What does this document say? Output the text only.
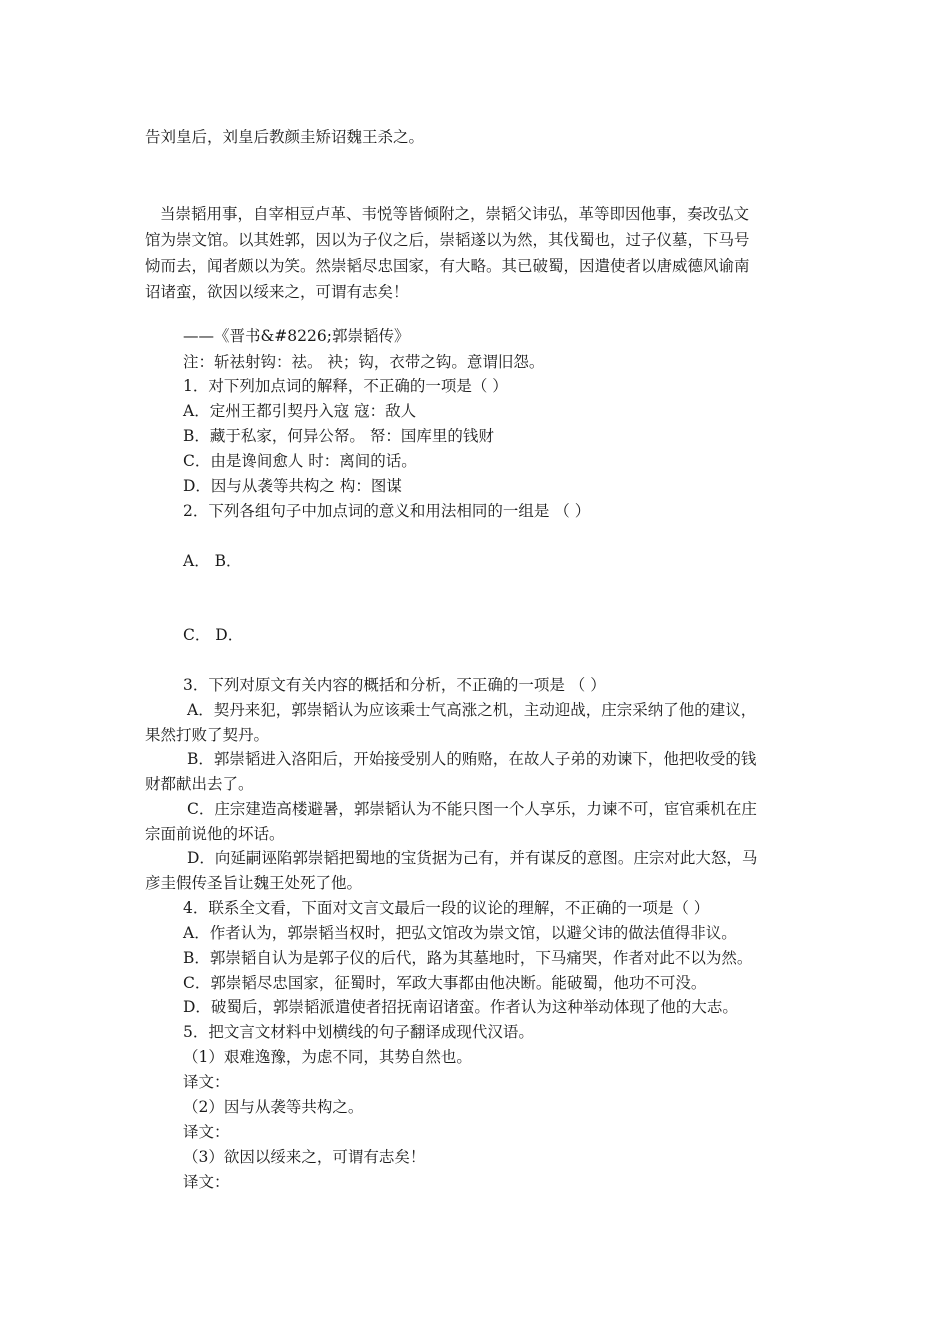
告刘皇后，刘皇后教颜圭矫诏魏王杀之。
当崇韬用事，自宰相豆卢革、韦悦等皆倾附之，崇韬父讳弘，革等即因他事，奏改弘文
馆为崇文馆。以其姓郭，因以为子仪之后，崇韬遂以为然，其伐蜀也，过子仪墓，下马号
恸而去，闻者颇以为笑。然崇韬尽忠国家，有大略。其已破蜀，因遣使者以唐威德风谕南
诏诸蛮，欲因以绥来之，可谓有志矣！
——《晋书&#8226;郭崇韬传》
注：斩祛射钩：祛。 袂；钩，衣带之钩。意谓旧怨。
1．对下列加点词的解释，不正确的一项是（ ）
A．定州王都引契丹入寇 寇：敌人
B．藏于私家，何异公帑。 帑：国库里的钱财
C．由是谗间愈人 时：离间的话。
D．因与从袭等共构之 构：图谋
2．下列各组句子中加点词的意义和用法相同的一组是 （ ）
A． B．
C． D．
3．下列对原文有关内容的概括和分析，不正确的一项是 （ ）
A．契丹来犯，郭崇韬认为应该乘士气高涨之机，主动迎战，庄宗采纳了他的建议，
果然打败了契丹。
B．郭崇韬进入洛阳后，开始接受别人的贿赂，在故人子弟的劝谏下，他把收受的钱
财都献出去了。
C．庄宗建造高楼避暑，郭崇韬认为不能只图一个人享乐，力谏不可，宦官乘机在庄
宗面前说他的坏话。
D．向延嗣诬陷郭崇韬把蜀地的宝货据为己有，并有谋反的意图。庄宗对此大怒，马
彦圭假传圣旨让魏王处死了他。
4．联系全文看，下面对文言文最后一段的议论的理解，不正确的一项是（ ）
A．作者认为，郭崇韬当权时，把弘文馆改为崇文馆，以避父讳的做法值得非议。
B．郭崇韬自认为是郭子仪的后代，路为其墓地时，下马痛哭，作者对此不以为然。
C．郭崇韬尽忠国家，征蜀时，军政大事都由他决断。能破蜀，他功不可没。
D．破蜀后，郭崇韬派遣使者招抚南诏诸蛮。作者认为这种举动体现了他的大志。
5．把文言文材料中划横线的句子翻译成现代汉语。
（1）艰难逸豫，为虑不同，其势自然也。
译文：
（2）因与从袭等共构之。
译文：
（3）欲因以绥来之，可谓有志矣！
译文：
